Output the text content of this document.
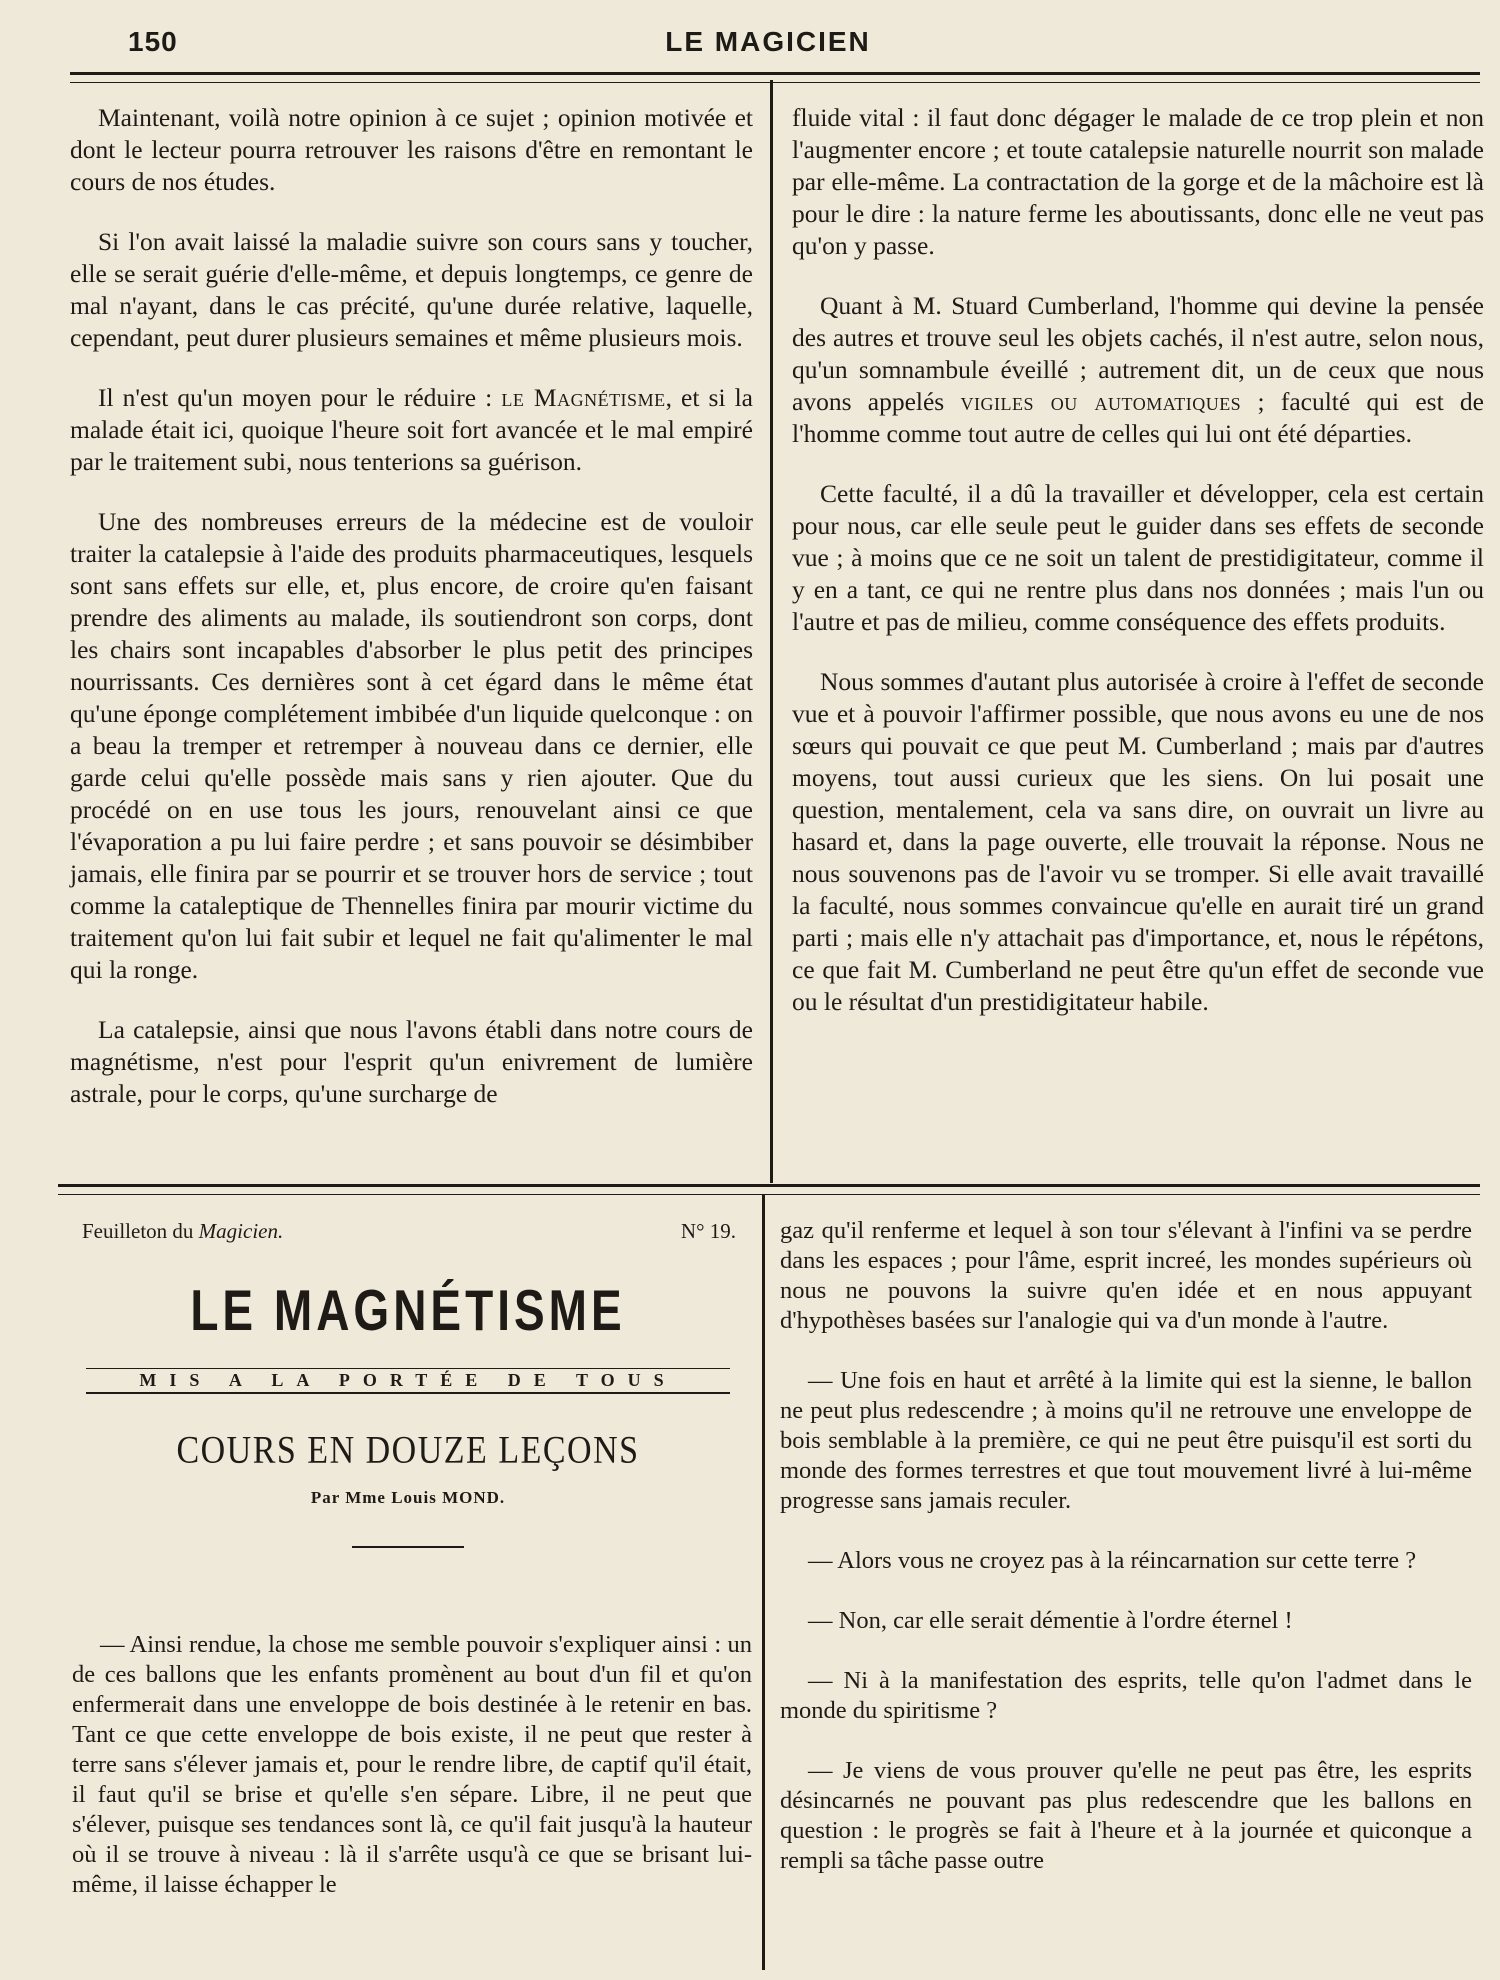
150	LE MAGICIEN

Maintenant, voilà notre opinion à ce sujet ; opinion motivée et dont le lecteur pourra retrouver les raisons d'être en remontant le cours de nos études.

Si l'on avait laissé la maladie suivre son cours sans y toucher, elle se serait guérie d'elle-même, et depuis longtemps, ce genre de mal n'ayant, dans le cas précité, qu'une durée relative, laquelle, cependant, peut durer plusieurs semaines et même plusieurs mois.

Il n'est qu'un moyen pour le réduire : le Magnétisme, et si la malade était ici, quoique l'heure soit fort avancée et le mal empiré par le traitement subi, nous tenterions sa guérison.

Une des nombreuses erreurs de la médecine est de vouloir traiter la catalepsie à l'aide des produits pharmaceutiques, lesquels sont sans effets sur elle, et, plus encore, de croire qu'en faisant prendre des aliments au malade, ils soutiendront son corps, dont les chairs sont incapables d'absorber le plus petit des principes nourrissants. Ces dernières sont à cet égard dans le même état qu'une éponge complétement imbibée d'un liquide quelconque : on a beau la tremper et retremper à nouveau dans ce dernier, elle garde celui qu'elle possède mais sans y rien ajouter. Que du procédé on en use tous les jours, renouvelant ainsi ce que l'évaporation a pu lui faire perdre ; et sans pouvoir se désimbiber jamais, elle finira par se pourrir et se trouver hors de service ; tout comme la cataleptique de Thennelles finira par mourir victime du traitement qu'on lui fait subir et lequel ne fait qu'alimenter le mal qui la ronge.

La catalepsie, ainsi que nous l'avons établi dans notre cours de magnétisme, n'est pour l'esprit qu'un enivrement de lumière astrale, pour le corps, qu'une surcharge de

fluide vital : il faut donc dégager le malade de ce trop plein et non l'augmenter encore ; et toute catalepsie naturelle nourrit son malade par elle-même. La contractation de la gorge et de la mâchoire est là pour le dire : la nature ferme les aboutissants, donc elle ne veut pas qu'on y passe.

Quant à M. Stuard Cumberland, l'homme qui devine la pensée des autres et trouve seul les objets cachés, il n'est autre, selon nous, qu'un somnambule éveillé ; autrement dit, un de ceux que nous avons appelés vigiles ou automatiques ; faculté qui est de l'homme comme tout autre de celles qui lui ont été départies.

Cette faculté, il a dû la travailler et développer, cela est certain pour nous, car elle seule peut le guider dans ses effets de seconde vue ; à moins que ce ne soit un talent de prestidigitateur, comme il y en a tant, ce qui ne rentre plus dans nos données ; mais l'un ou l'autre et pas de milieu, comme conséquence des effets produits.

Nous sommes d'autant plus autorisée à croire à l'effet de seconde vue et à pouvoir l'affirmer possible, que nous avons eu une de nos sœurs qui pouvait ce que peut M. Cumberland ; mais par d'autres moyens, tout aussi curieux que les siens. On lui posait une question, mentalement, cela va sans dire, on ouvrait un livre au hasard et, dans la page ouverte, elle trouvait la réponse. Nous ne nous souvenons pas de l'avoir vu se tromper. Si elle avait travaillé la faculté, nous sommes convaincue qu'elle en aurait tiré un grand parti ; mais elle n'y attachait pas d'importance, et, nous le répétons, ce que fait M. Cumberland ne peut être qu'un effet de seconde vue ou le résultat d'un prestidigitateur habile.

Feuilleton du Magicien.	N° 19.
LE MAGNÉTISME
MIS A LA PORTÉE DE TOUS
COURS EN DOUZE LEÇONS
Par Mme Louis MOND.

— Ainsi rendue, la chose me semble pouvoir s'expliquer ainsi : un de ces ballons que les enfants promènent au bout d'un fil et qu'on enfermerait dans une enveloppe de bois destinée à le retenir en bas. Tant ce que cette enveloppe de bois existe, il ne peut que rester à terre sans s'élever jamais et, pour le rendre libre, de captif qu'il était, il faut qu'il se brise et qu'elle s'en sépare. Libre, il ne peut que s'élever, puisque ses tendances sont là, ce qu'il fait jusqu'à la hauteur où il se trouve à niveau : là il s'arrête usqu'à ce que se brisant lui-même, il laisse échapper le

gaz qu'il renferme et lequel à son tour s'élevant à l'infini va se perdre dans les espaces ; pour l'âme, esprit increé, les mondes supérieurs où nous ne pouvons la suivre qu'en idée et en nous appuyant d'hypothèses basées sur l'analogie qui va d'un monde à l'autre.

— Une fois en haut et arrêté à la limite qui est la sienne, le ballon ne peut plus redescendre ; à moins qu'il ne retrouve une enveloppe de bois semblable à la première, ce qui ne peut être puisqu'il est sorti du monde des formes terrestres et que tout mouvement livré à lui-même progresse sans jamais reculer.

— Alors vous ne croyez pas à la réincarnation sur cette terre ?

— Non, car elle serait démentie à l'ordre éternel !

— Ni à la manifestation des esprits, telle qu'on l'admet dans le monde du spiritisme ?

— Je viens de vous prouver qu'elle ne peut pas être, les esprits désincarnés ne pouvant pas plus redescendre que les ballons en question : le progrès se fait à l'heure et à la journée et quiconque a rempli sa tâche passe outre
